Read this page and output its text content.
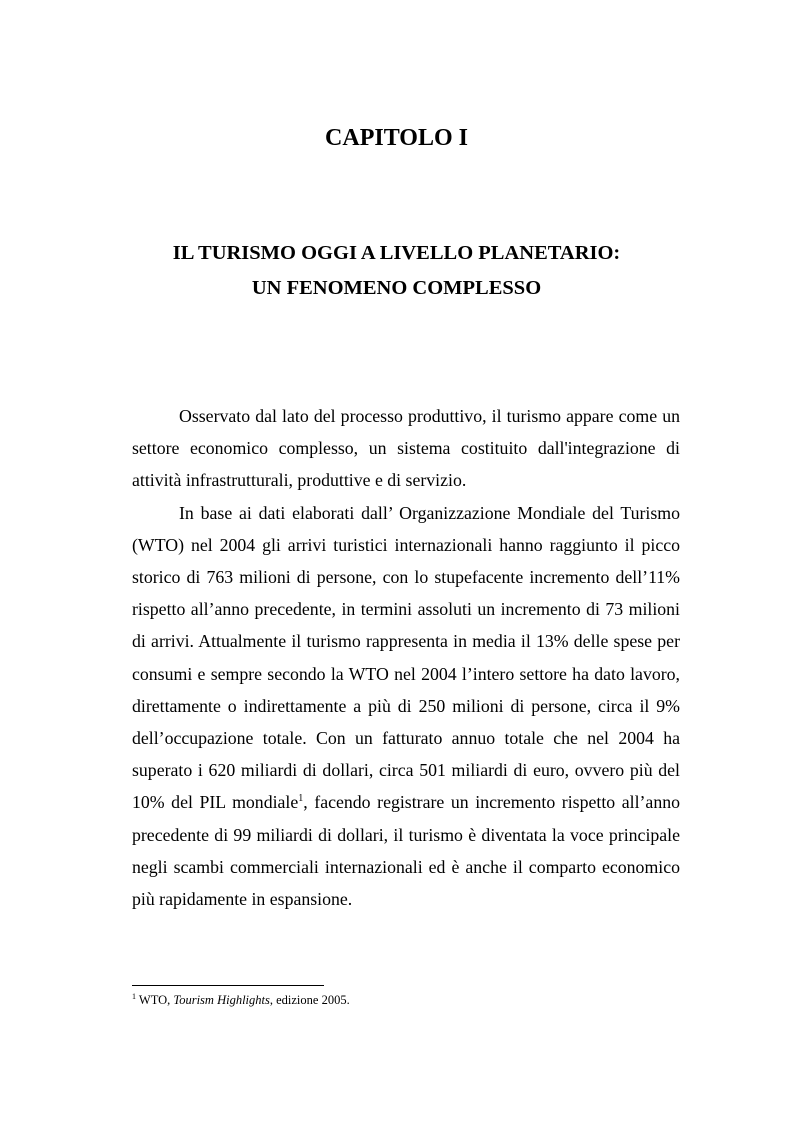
CAPITOLO I
IL TURISMO OGGI A LIVELLO PLANETARIO:
UN FENOMENO COMPLESSO

Osservato dal lato del processo produttivo, il turismo appare come un settore economico complesso, un sistema costituito dall'integrazione di attività infrastrutturali, produttive e di servizio.

In base ai dati elaborati dall’ Organizzazione Mondiale del Turismo (WTO) nel 2004 gli arrivi turistici internazionali hanno raggiunto il picco storico di 763 milioni di persone, con lo stupefacente incremento dell’11% rispetto all’anno precedente, in termini assoluti un incremento di 73 milioni di arrivi. Attualmente il turismo rappresenta in media il 13% delle spese per consumi e sempre secondo la WTO nel 2004 l’intero settore ha dato lavoro, direttamente o indirettamente a più di 250 milioni di persone, circa il 9% dell’occupazione totale. Con un fatturato annuo totale che nel 2004 ha superato i 620 miliardi di dollari, circa 501 miliardi di euro, ovvero più del 10% del PIL mondiale$^1$, facendo registrare un incremento rispetto all’anno precedente di 99 miliardi di dollari, il turismo è diventata la voce principale negli scambi commerciali internazionali ed è anche il comparto economico più rapidamente in espansione.

$^1$ WTO, Tourism Highlights, edizione 2005.
